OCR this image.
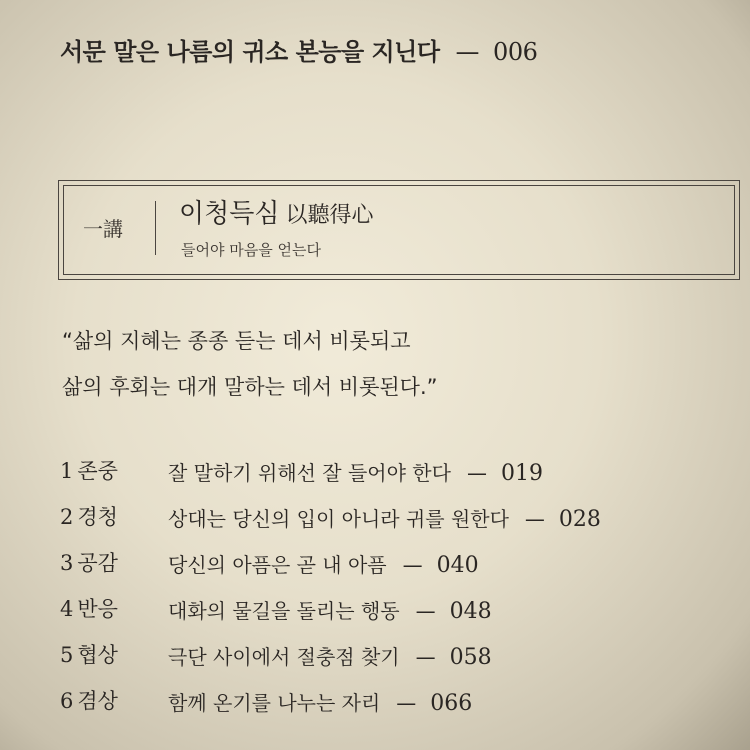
서문 말은 나름의 귀소 본능을 지닌다 — 006
一講 이청득심 以聽得心
들어야 마음을 얻는다
“삶의 지혜는 종종 듣는 데서 비롯되고
삶의 후회는 대개 말하는 데서 비롯된다.”
1 존중	잘 말하기 위해선 잘 들어야 한다 — 019
2 경청	상대는 당신의 입이 아니라 귀를 원한다 — 028
3 공감	당신의 아픔은 곧 내 아픔 — 040
4 반응	대화의 물길을 돌리는 행동 — 048
5 협상	극단 사이에서 절충점 찾기 — 058
6 겸상	함께 온기를 나누는 자리 — 066
